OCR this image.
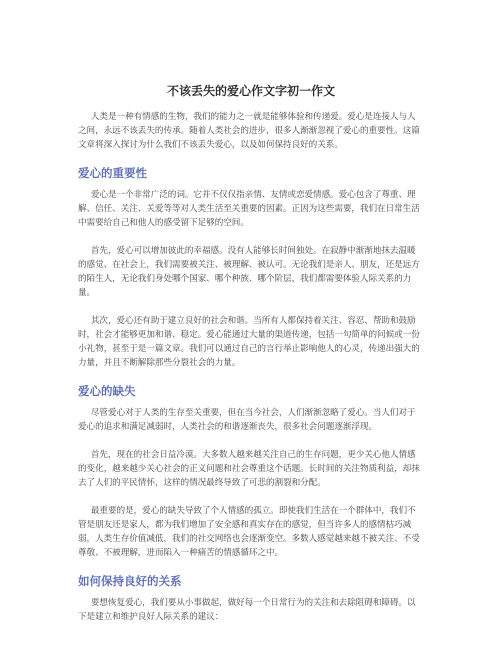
不该丢失的爱心作文字初一作文

人类是一种有情感的生物，我们的能力之一就是能够体验和传递爱。爱心是连接人与人之间，永远不该丢失的传承。随着人类社会的进步，很多人渐渐忽视了爱心的重要性。这篇文章将深入探讨为什么我们不该丢失爱心，以及如何保持良好的关系。

爱心的重要性

爱心是一个非常广泛的词。它并不仅仅指亲情、友情或恋爱情感。爱心包含了尊重、理解、信任、关注、关爱等等对人类生活至关重要的因素。正因为这些需要，我们在日常生活中需要给自己和他人的感受留下足够的空间。

首先，爱心可以增加彼此的幸福感。没有人能够长时间独处。在寂静中渐渐地抹去温暖的感觉、在社会上，我们需要被关注、被理解、被认可。无论我们是亲人、朋友，还是远方的陌生人，无论我们身处哪个国家、哪个种族、哪个阶层，我们都需要体验人际关系的力量。

其次，爱心还有助于建立良好的社会和谐。当所有人都保持着关注、容忍、帮助和鼓励时，社会才能够更加和谐、稳定。爱心能通过大量的渠道传递，包括一句简单的问候或一份小礼物，甚至于是一篇文章。我们可以通过自己的言行举止影响他人的心灵，传递出强大的力量，并且不断解除那些分裂社会的力量。

爱心的缺失

尽管爱心对于人类的生存至关重要，但在当今社会，人们渐渐忽略了爱心。当人们对于爱心的追求和满足减弱时，人类社会的和谐逐渐丧失，很多社会问题逐渐浮现。

首先，现在的社会日益冷漠。大多数人越来越关注自己的生存问题，更少关心他人情感的变化，越来越少关心社会的正义问题和社会尊重这个话题。长时间的关注物质利益，却抹去了人们的平民情怀，这样的情况最终导致了可悲的割裂和分配。

最重要的是，爱心的缺失导致了个人情感的孤立。即使我们生活在一个群体中，我们不管是朋友还是家人，都为我们增加了安全感和真实存在的感觉，但当许多人的感情枯巧减弱，人类生存价值减低，我们的社交网络也会逐渐变空。多数人感觉越来越不被关注、不受尊敬、不被理解，进而陷入一种痛苦的情感循环之中。

如何保持良好的关系

要想恢复爱心，我们要从小事做起，做好每一个日常行为的关注和去除阻碍和障碍。以下是建立和维护良好人际关系的建议：
